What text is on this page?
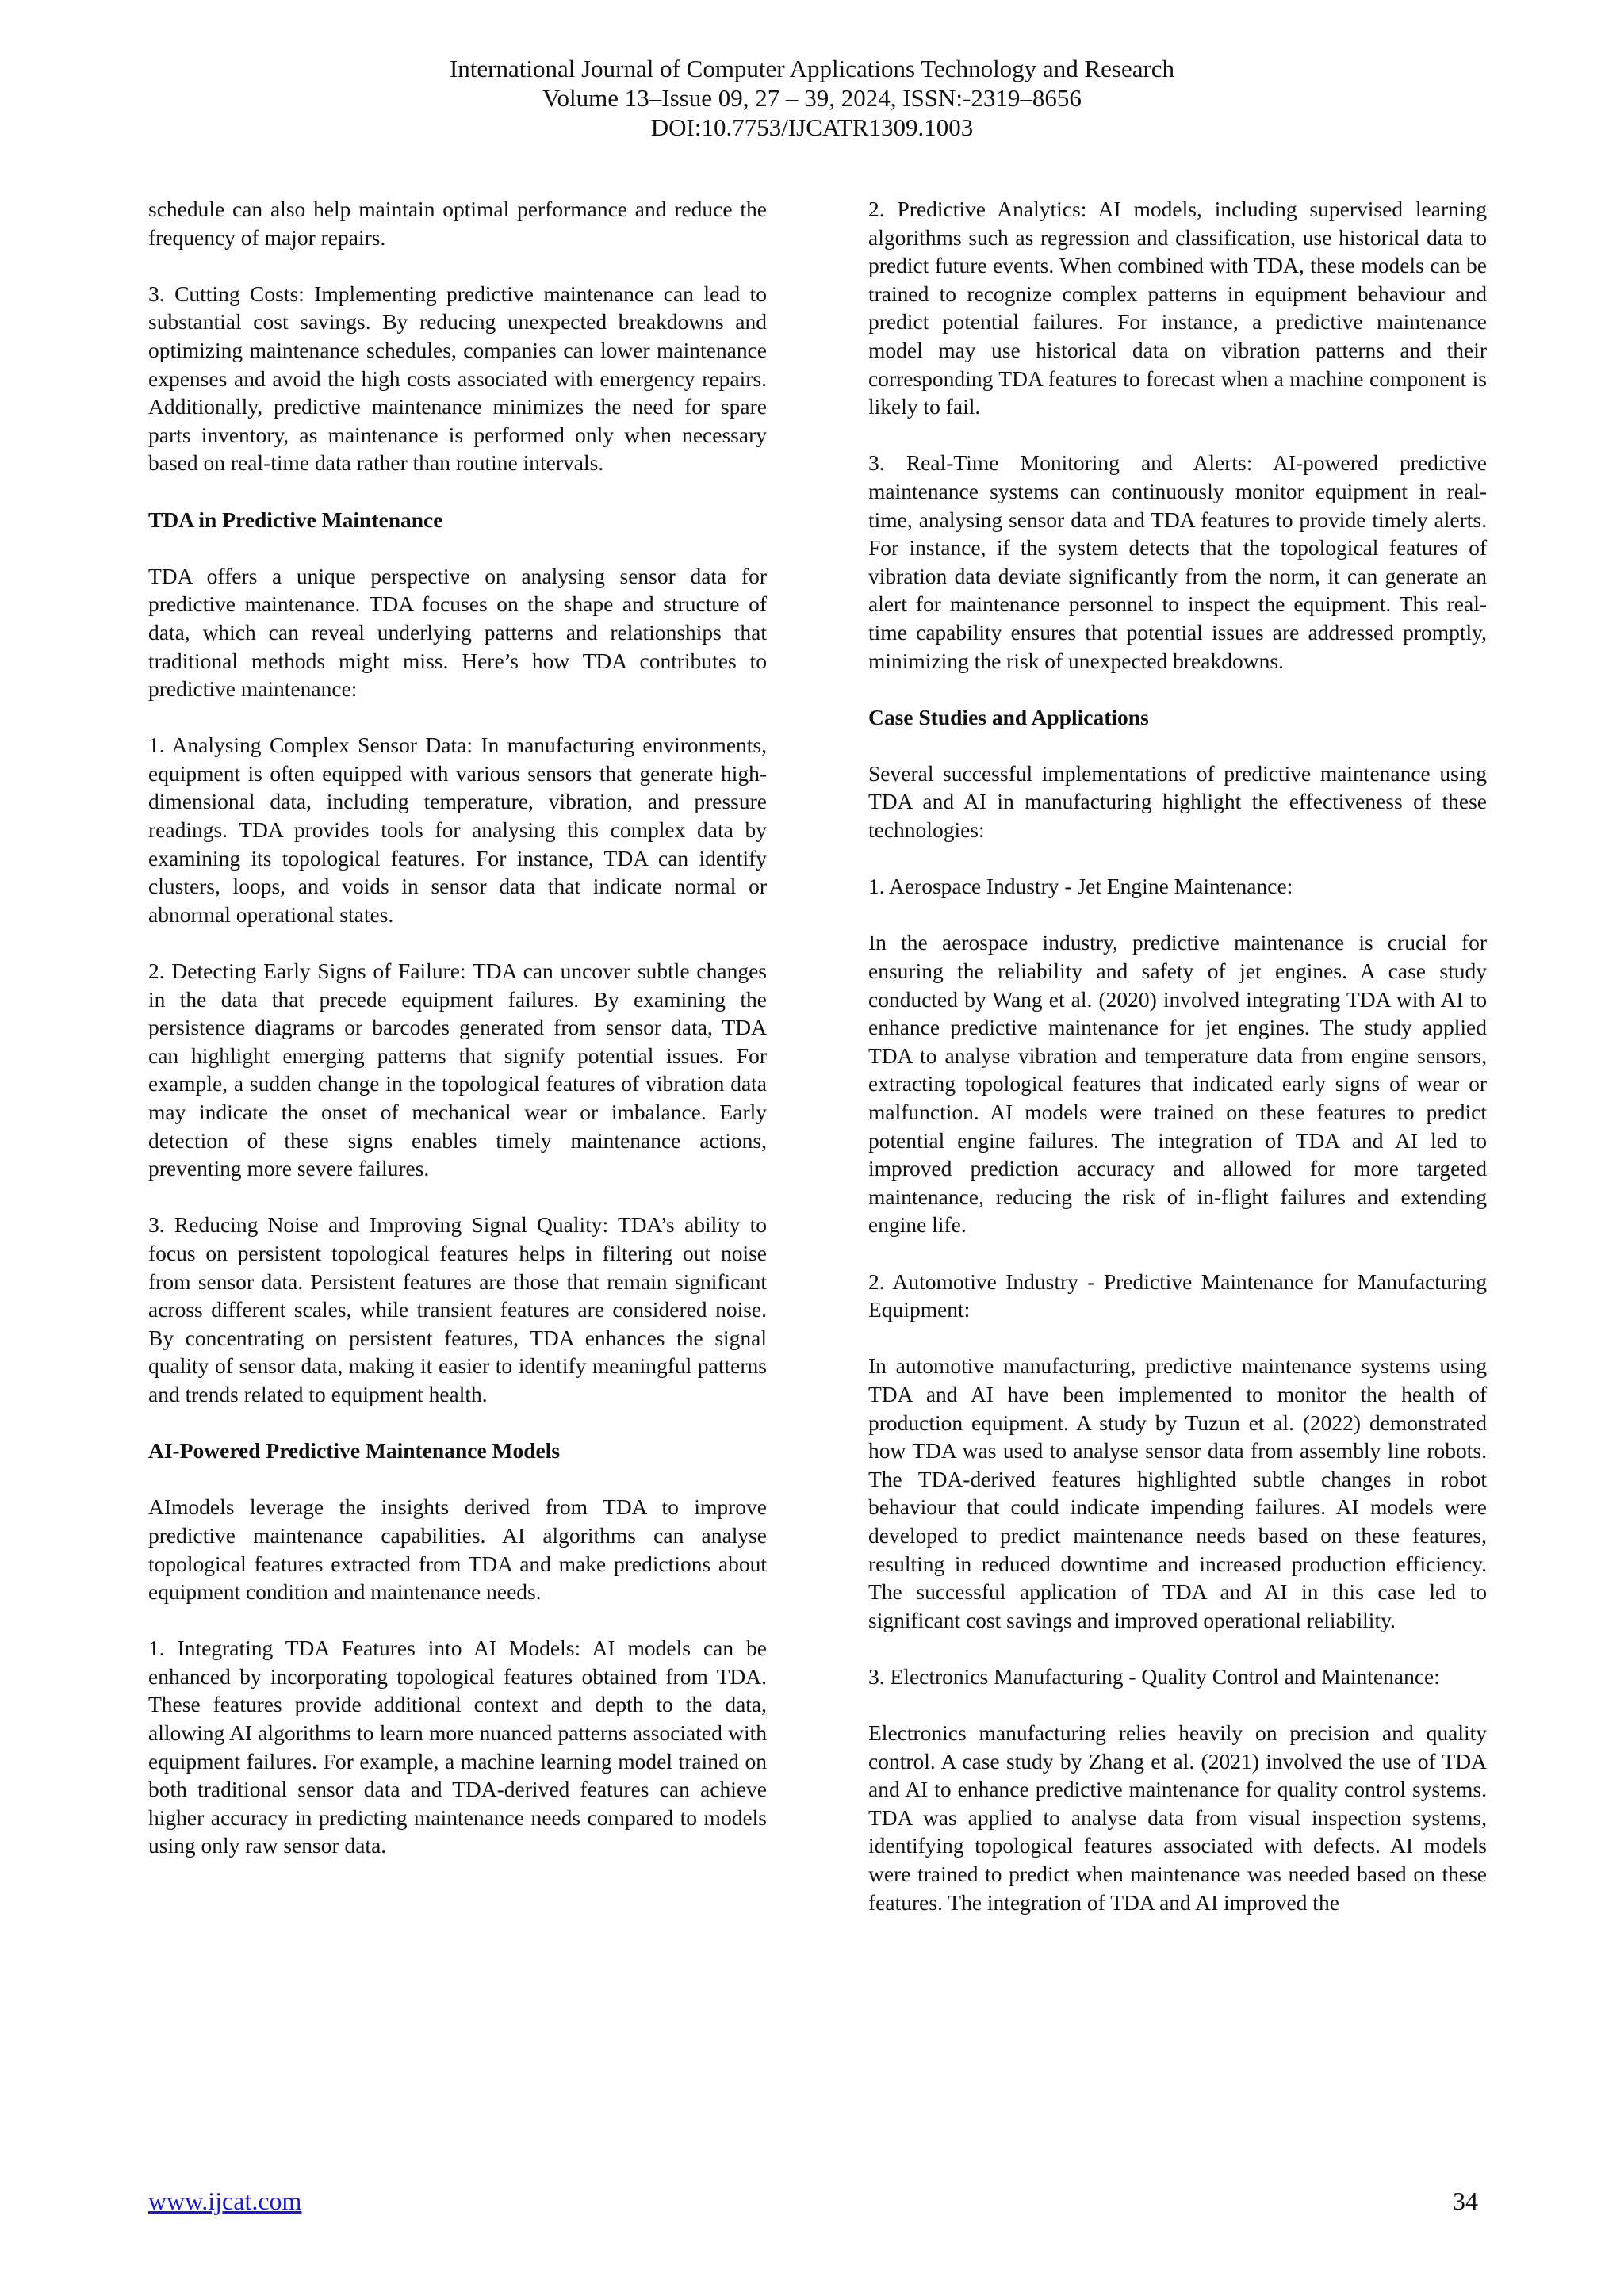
International Journal of Computer Applications Technology and Research
Volume 13–Issue 09, 27 – 39, 2024, ISSN:-2319–8656
DOI:10.7753/IJCATR1309.1003

schedule can also help maintain optimal performance and reduce the frequency of major repairs.

3. Cutting Costs: Implementing predictive maintenance can lead to substantial cost savings. By reducing unexpected breakdowns and optimizing maintenance schedules, companies can lower maintenance expenses and avoid the high costs associated with emergency repairs. Additionally, predictive maintenance minimizes the need for spare parts inventory, as maintenance is performed only when necessary based on real-time data rather than routine intervals.

TDA in Predictive Maintenance

TDA offers a unique perspective on analysing sensor data for predictive maintenance. TDA focuses on the shape and structure of data, which can reveal underlying patterns and relationships that traditional methods might miss. Here’s how TDA contributes to predictive maintenance:

1. Analysing Complex Sensor Data: In manufacturing environments, equipment is often equipped with various sensors that generate high-dimensional data, including temperature, vibration, and pressure readings. TDA provides tools for analysing this complex data by examining its topological features. For instance, TDA can identify clusters, loops, and voids in sensor data that indicate normal or abnormal operational states.

2. Detecting Early Signs of Failure: TDA can uncover subtle changes in the data that precede equipment failures. By examining the persistence diagrams or barcodes generated from sensor data, TDA can highlight emerging patterns that signify potential issues. For example, a sudden change in the topological features of vibration data may indicate the onset of mechanical wear or imbalance. Early detection of these signs enables timely maintenance actions, preventing more severe failures.

3. Reducing Noise and Improving Signal Quality: TDA’s ability to focus on persistent topological features helps in filtering out noise from sensor data. Persistent features are those that remain significant across different scales, while transient features are considered noise. By concentrating on persistent features, TDA enhances the signal quality of sensor data, making it easier to identify meaningful patterns and trends related to equipment health.

AI-Powered Predictive Maintenance Models

AImodels leverage the insights derived from TDA to improve predictive maintenance capabilities. AI algorithms can analyse topological features extracted from TDA and make predictions about equipment condition and maintenance needs.

1. Integrating TDA Features into AI Models: AI models can be enhanced by incorporating topological features obtained from TDA. These features provide additional context and depth to the data, allowing AI algorithms to learn more nuanced patterns associated with equipment failures. For example, a machine learning model trained on both traditional sensor data and TDA-derived features can achieve higher accuracy in predicting maintenance needs compared to models using only raw sensor data.

2. Predictive Analytics: AI models, including supervised learning algorithms such as regression and classification, use historical data to predict future events. When combined with TDA, these models can be trained to recognize complex patterns in equipment behaviour and predict potential failures. For instance, a predictive maintenance model may use historical data on vibration patterns and their corresponding TDA features to forecast when a machine component is likely to fail.

3. Real-Time Monitoring and Alerts: AI-powered predictive maintenance systems can continuously monitor equipment in real-time, analysing sensor data and TDA features to provide timely alerts. For instance, if the system detects that the topological features of vibration data deviate significantly from the norm, it can generate an alert for maintenance personnel to inspect the equipment. This real-time capability ensures that potential issues are addressed promptly, minimizing the risk of unexpected breakdowns.

Case Studies and Applications

Several successful implementations of predictive maintenance using TDA and AI in manufacturing highlight the effectiveness of these technologies:

1. Aerospace Industry - Jet Engine Maintenance:

In the aerospace industry, predictive maintenance is crucial for ensuring the reliability and safety of jet engines. A case study conducted by Wang et al. (2020) involved integrating TDA with AI to enhance predictive maintenance for jet engines. The study applied TDA to analyse vibration and temperature data from engine sensors, extracting topological features that indicated early signs of wear or malfunction. AI models were trained on these features to predict potential engine failures. The integration of TDA and AI led to improved prediction accuracy and allowed for more targeted maintenance, reducing the risk of in-flight failures and extending engine life.

2. Automotive Industry - Predictive Maintenance for Manufacturing Equipment:

In automotive manufacturing, predictive maintenance systems using TDA and AI have been implemented to monitor the health of production equipment. A study by Tuzun et al. (2022) demonstrated how TDA was used to analyse sensor data from assembly line robots. The TDA-derived features highlighted subtle changes in robot behaviour that could indicate impending failures. AI models were developed to predict maintenance needs based on these features, resulting in reduced downtime and increased production efficiency. The successful application of TDA and AI in this case led to significant cost savings and improved operational reliability.

3. Electronics Manufacturing - Quality Control and Maintenance:

Electronics manufacturing relies heavily on precision and quality control. A case study by Zhang et al. (2021) involved the use of TDA and AI to enhance predictive maintenance for quality control systems. TDA was applied to analyse data from visual inspection systems, identifying topological features associated with defects. AI models were trained to predict when maintenance was needed based on these features. The integration of TDA and AI improved the

www.ijcat.com	34
